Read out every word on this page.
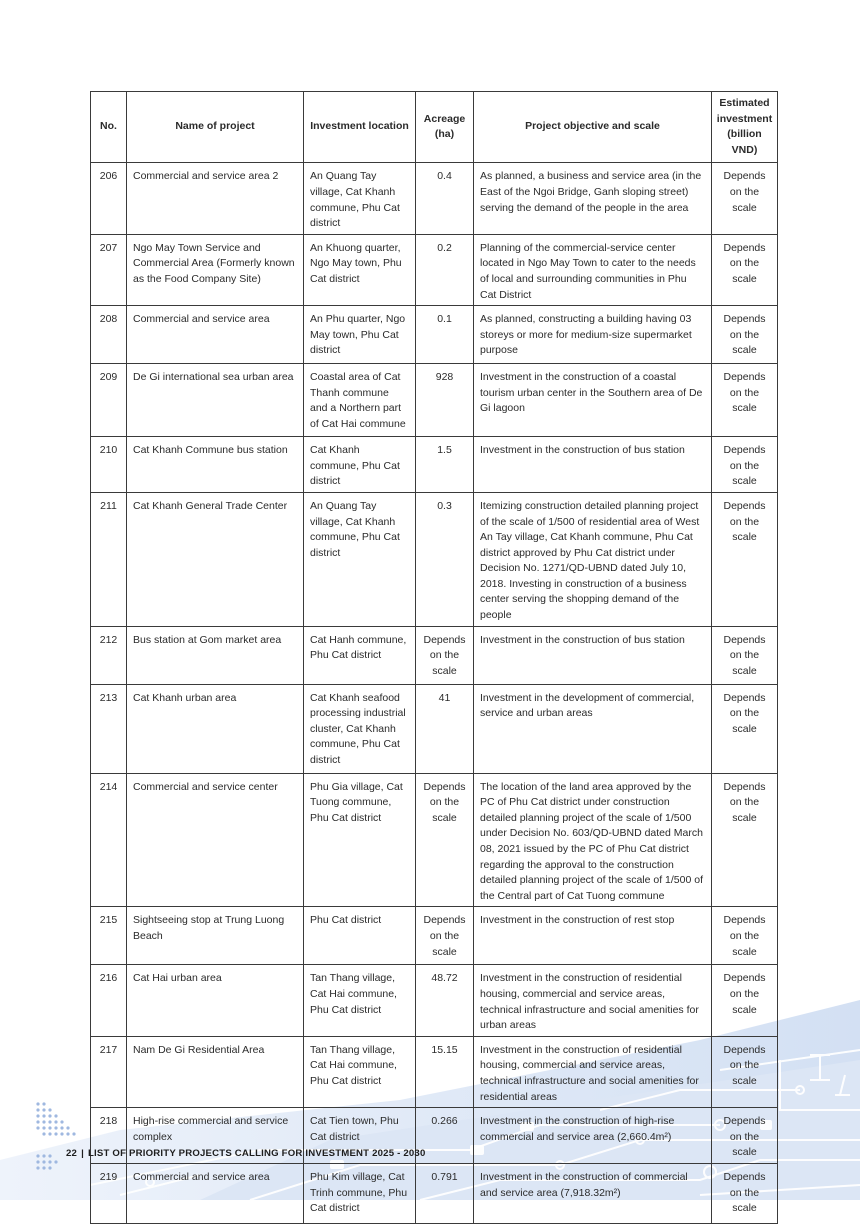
No.	Name of project	Investment location	Acreage (ha)	Project objective and scale	Estimated investment (billion VND)
206	Commercial and service area 2	An Quang Tay village, Cat Khanh commune, Phu Cat district	0.4	As planned, a business and service area (in the East of the Ngoi Bridge, Ganh sloping street) serving the demand of the people in the area	Depends on the scale
207	Ngo May Town Service and Commercial Area (Formerly known as the Food Company Site)	An Khuong quarter, Ngo May town, Phu Cat district	0.2	Planning of the commercial-service center located in Ngo May Town to cater to the needs of local and surrounding communities in Phu Cat District	Depends on the scale
208	Commercial and service area	An Phu quarter, Ngo May town, Phu Cat district	0.1	As planned, constructing a building having 03 storeys or more for medium-size supermarket purpose	Depends on the scale
209	De Gi international sea urban area	Coastal area of Cat Thanh commune and a Northern part of Cat Hai commune	928	Investment in the construction of a coastal tourism urban center in the Southern area of De Gi lagoon	Depends on the scale
210	Cat Khanh Commune bus station	Cat Khanh commune, Phu Cat district	1.5	Investment in the construction of bus station	Depends on the scale
211	Cat Khanh General Trade Center	An Quang Tay village, Cat Khanh commune, Phu Cat district	0.3	Itemizing construction detailed planning project of the scale of 1/500 of residential area of West An Tay village, Cat Khanh commune, Phu Cat district approved by Phu Cat district under Decision No. 1271/QD-UBND dated July 10, 2018. Investing in construction of a business center serving the shopping demand of the people	Depends on the scale
212	Bus station at Gom market area	Cat Hanh commune, Phu Cat district	Depends on the scale	Investment in the construction of bus station	Depends on the scale
213	Cat Khanh urban area	Cat Khanh seafood processing industrial cluster, Cat Khanh commune, Phu Cat district	41	Investment in the development of commercial, service and urban areas	Depends on the scale
214	Commercial and service center	Phu Gia village, Cat Tuong commune, Phu Cat district	Depends on the scale	The location of the land area approved by the PC of Phu Cat district under construction detailed planning project of the scale of 1/500 under Decision No. 603/QD-UBND dated March 08, 2021 issued by the PC of Phu Cat district regarding the approval to the construction detailed planning project of the scale of 1/500 of the Central part of Cat Tuong commune	Depends on the scale
215	Sightseeing stop at Trung Luong Beach	Phu Cat district	Depends on the scale	Investment in the construction of rest stop	Depends on the scale
216	Cat Hai urban area	Tan Thang village, Cat Hai commune, Phu Cat district	48.72	Investment in the construction of residential housing, commercial and service areas, technical infrastructure and social amenities for urban areas	Depends on the scale
217	Nam De Gi Residential Area	Tan Thang village, Cat Hai commune, Phu Cat district	15.15	Investment in the construction of residential housing, commercial and service areas, technical infrastructure and social amenities for residential areas	Depends on the scale
218	High-rise commercial and service complex	Cat Tien town, Phu Cat district	0.266	Investment in the construction of high-rise commercial and service area (2,660.4m²)	Depends on the scale
219	Commercial and service area	Phu Kim village, Cat Trinh commune, Phu Cat district	0.791	Investment in the construction of commercial and service area (7,918.32m²)	Depends on the scale
22 | LIST OF PRIORITY PROJECTS CALLING FOR INVESTMENT 2025 - 2030
